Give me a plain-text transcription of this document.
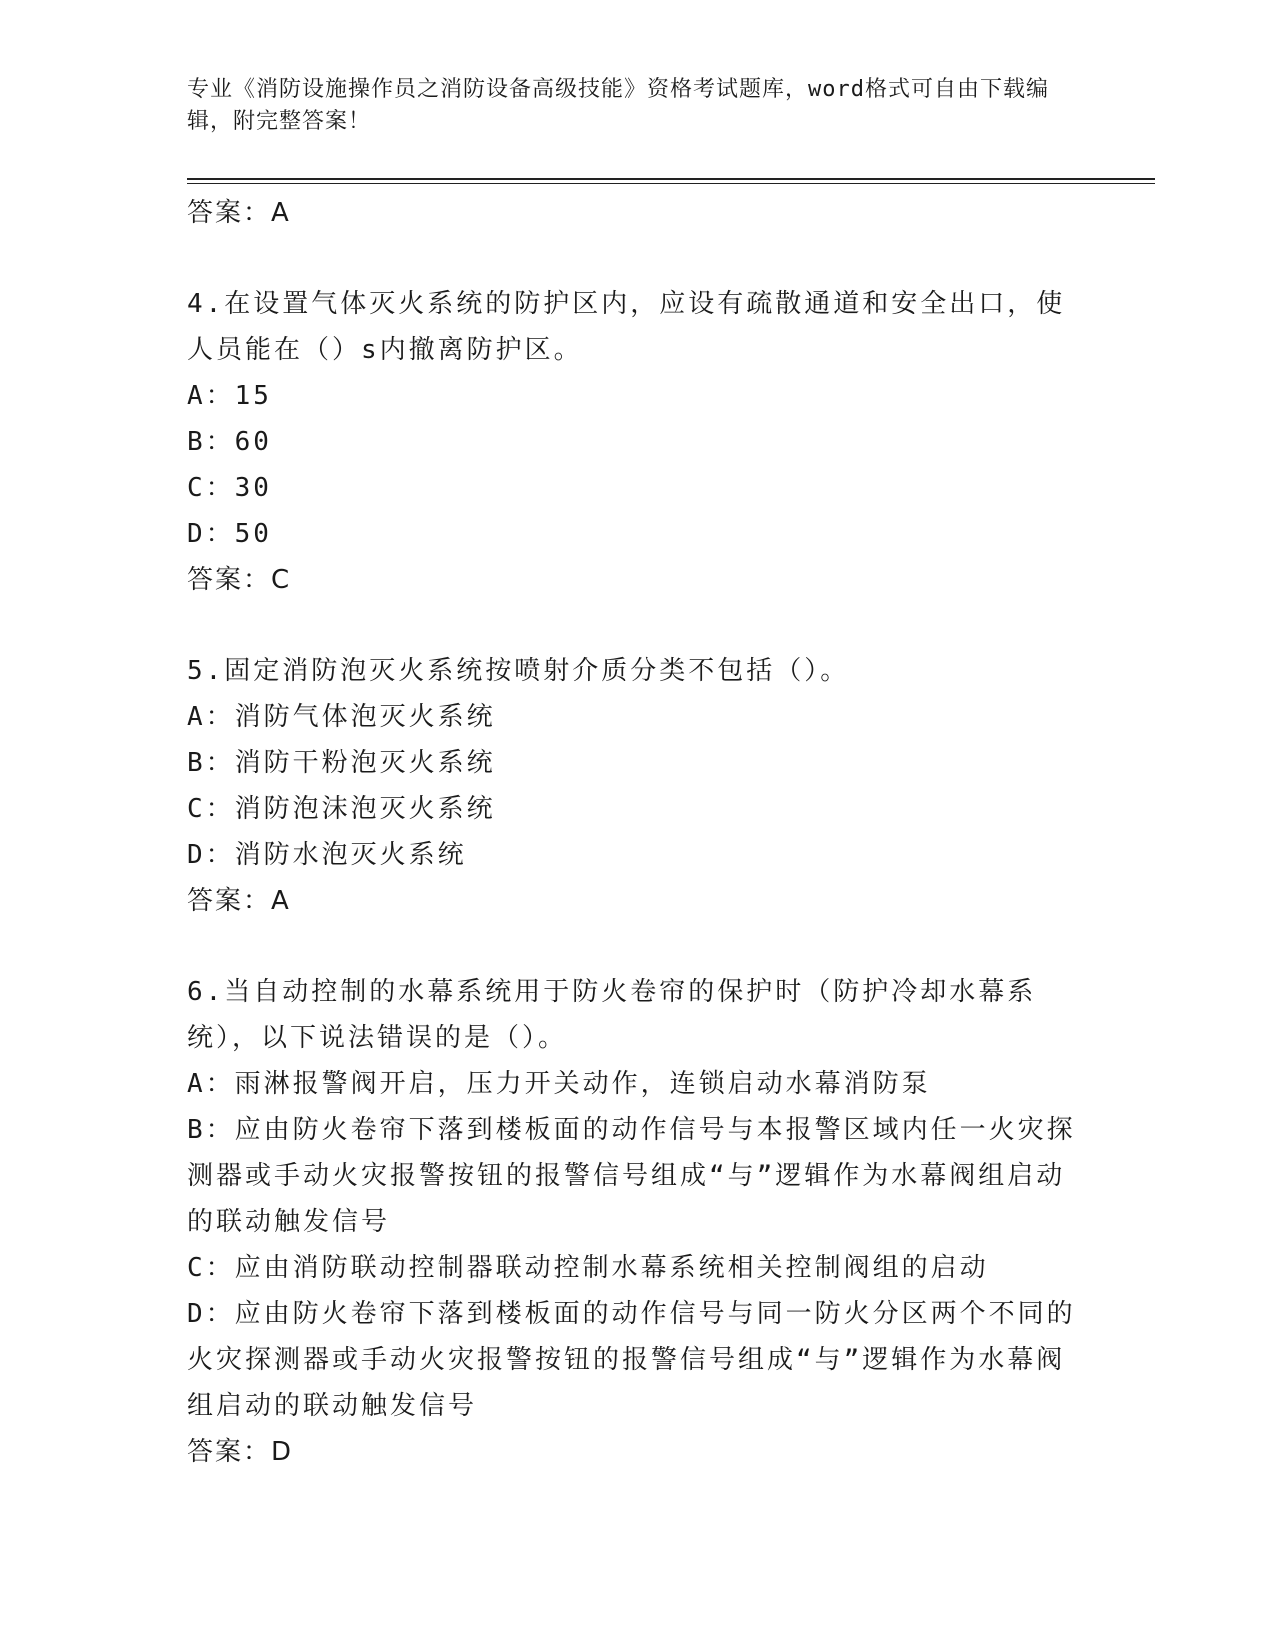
专业《消防设施操作员之消防设备高级技能》资格考试题库，word格式可自由下载编辑，附完整答案！
答案：A
4.在设置气体灭火系统的防护区内，应设有疏散通道和安全出口，使人员能在（）s内撤离防护区。
A：15
B：60
C：30
D：50
答案：C
5.固定消防泡灭火系统按喷射介质分类不包括（）。
A：消防气体泡灭火系统
B：消防干粉泡灭火系统
C：消防泡沫泡灭火系统
D：消防水泡灭火系统
答案：A
6.当自动控制的水幕系统用于防火卷帘的保护时（防护冷却水幕系统），以下说法错误的是（）。
A：雨淋报警阀开启，压力开关动作，连锁启动水幕消防泵
B：应由防火卷帘下落到楼板面的动作信号与本报警区域内任一火灾探测器或手动火灾报警按钮的报警信号组成“与”逻辑作为水幕阀组启动的联动触发信号
C：应由消防联动控制器联动控制水幕系统相关控制阀组的启动
D：应由防火卷帘下落到楼板面的动作信号与同一防火分区两个不同的火灾探测器或手动火灾报警按钮的报警信号组成“与”逻辑作为水幕阀组启动的联动触发信号
答案：D
